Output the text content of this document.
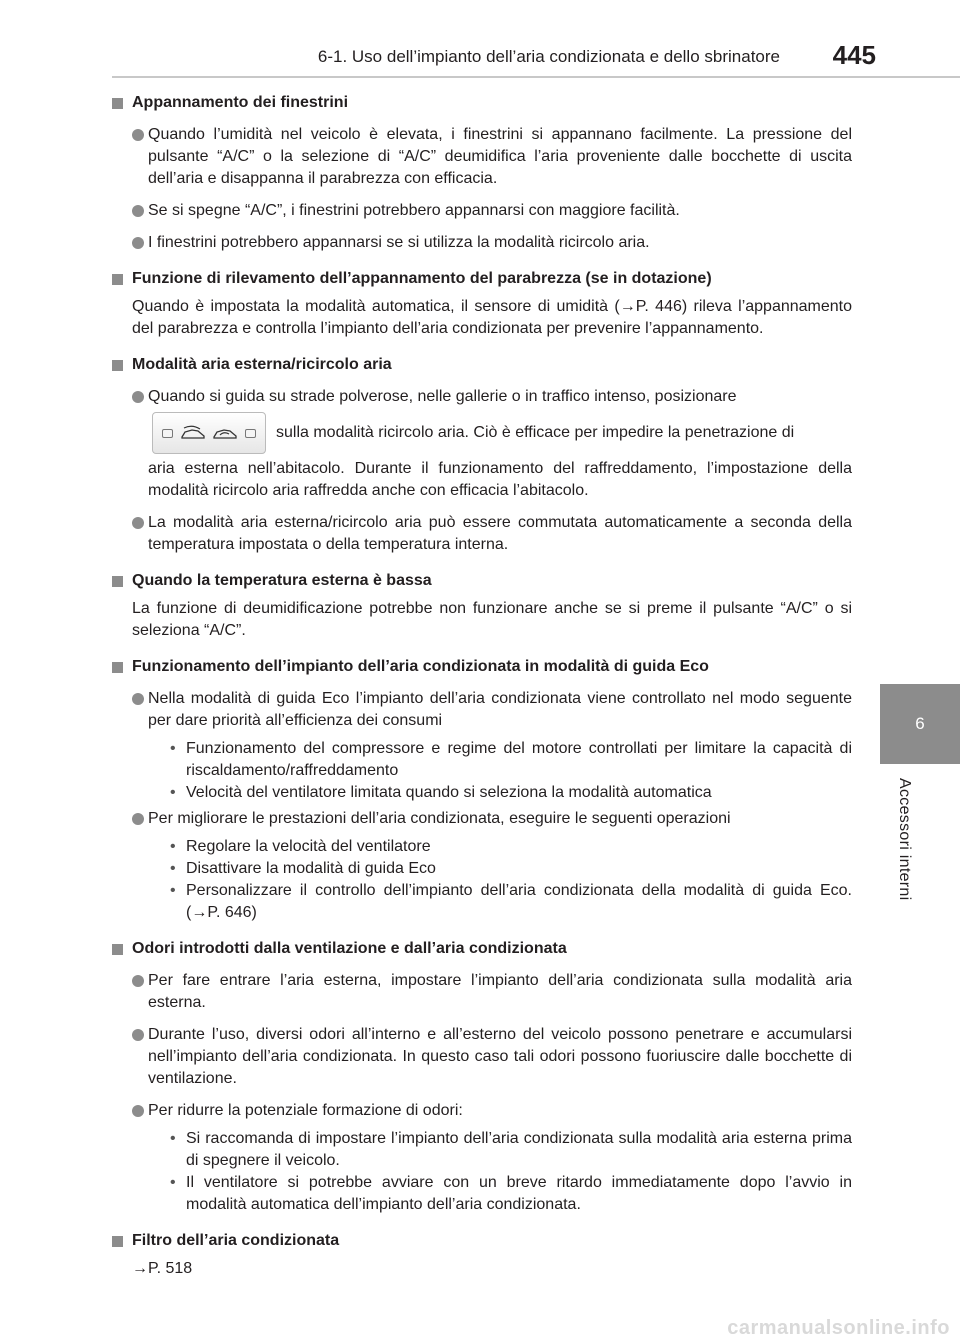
6-1. Uso dell’impianto dell’aria condizionata e dello sbrinatore 445
6
Accessori interni
Appannamento dei finestrini
Quando l’umidità nel veicolo è elevata, i finestrini si appannano facilmente. La pressione del pulsante “A/C” o la selezione di “A/C” deumidifica l’aria proveniente dalle bocchette di uscita dell’aria e disappanna il parabrezza con efficacia.
Se si spegne “A/C”, i finestrini potrebbero appannarsi con maggiore facilità.
I finestrini potrebbero appannarsi se si utilizza la modalità ricircolo aria.
Funzione di rilevamento dell’appannamento del parabrezza (se in dotazione)
Quando è impostata la modalità automatica, il sensore di umidità (→P. 446) rileva l’appannamento del parabrezza e controlla l’impianto dell’aria condizionata per prevenire l’appannamento.
Modalità aria esterna/ricircolo aria
Quando si guida su strade polverose, nelle gallerie o in traffico intenso, posizionare
sulla modalità ricircolo aria. Ciò è efficace per impedire la penetrazione di
aria esterna nell’abitacolo. Durante il funzionamento del raffreddamento, l’impostazione della modalità ricircolo aria raffredda anche con efficacia l’abitacolo.
La modalità aria esterna/ricircolo aria può essere commutata automaticamente a seconda della temperatura impostata o della temperatura interna.
Quando la temperatura esterna è bassa
La funzione di deumidificazione potrebbe non funzionare anche se si preme il pulsante “A/C” o si seleziona “A/C”.
Funzionamento dell’impianto dell’aria condizionata in modalità di guida Eco
Nella modalità di guida Eco l’impianto dell’aria condizionata viene controllato nel modo seguente per dare priorità all’efficienza dei consumi
• Funzionamento del compressore e regime del motore controllati per limitare la capacità di riscaldamento/raffreddamento
• Velocità del ventilatore limitata quando si seleziona la modalità automatica
Per migliorare le prestazioni dell’aria condizionata, eseguire le seguenti operazioni
• Regolare la velocità del ventilatore
• Disattivare la modalità di guida Eco
• Personalizzare il controllo dell’impianto dell’aria condizionata della modalità di guida Eco. (→P. 646)
Odori introdotti dalla ventilazione e dall’aria condizionata
Per fare entrare l’aria esterna, impostare l’impianto dell’aria condizionata sulla modalità aria esterna.
Durante l’uso, diversi odori all’interno e all’esterno del veicolo possono penetrare e accumularsi nell’impianto dell’aria condizionata. In questo caso tali odori possono fuoriuscire dalle bocchette di ventilazione.
Per ridurre la potenziale formazione di odori:
• Si raccomanda di impostare l’impianto dell’aria condizionata sulla modalità aria esterna prima di spegnere il veicolo.
• Il ventilatore si potrebbe avviare con un breve ritardo immediatamente dopo l’avvio in modalità automatica dell’impianto dell’aria condizionata.
Filtro dell’aria condizionata
→P. 518
carmanualsonline.info
